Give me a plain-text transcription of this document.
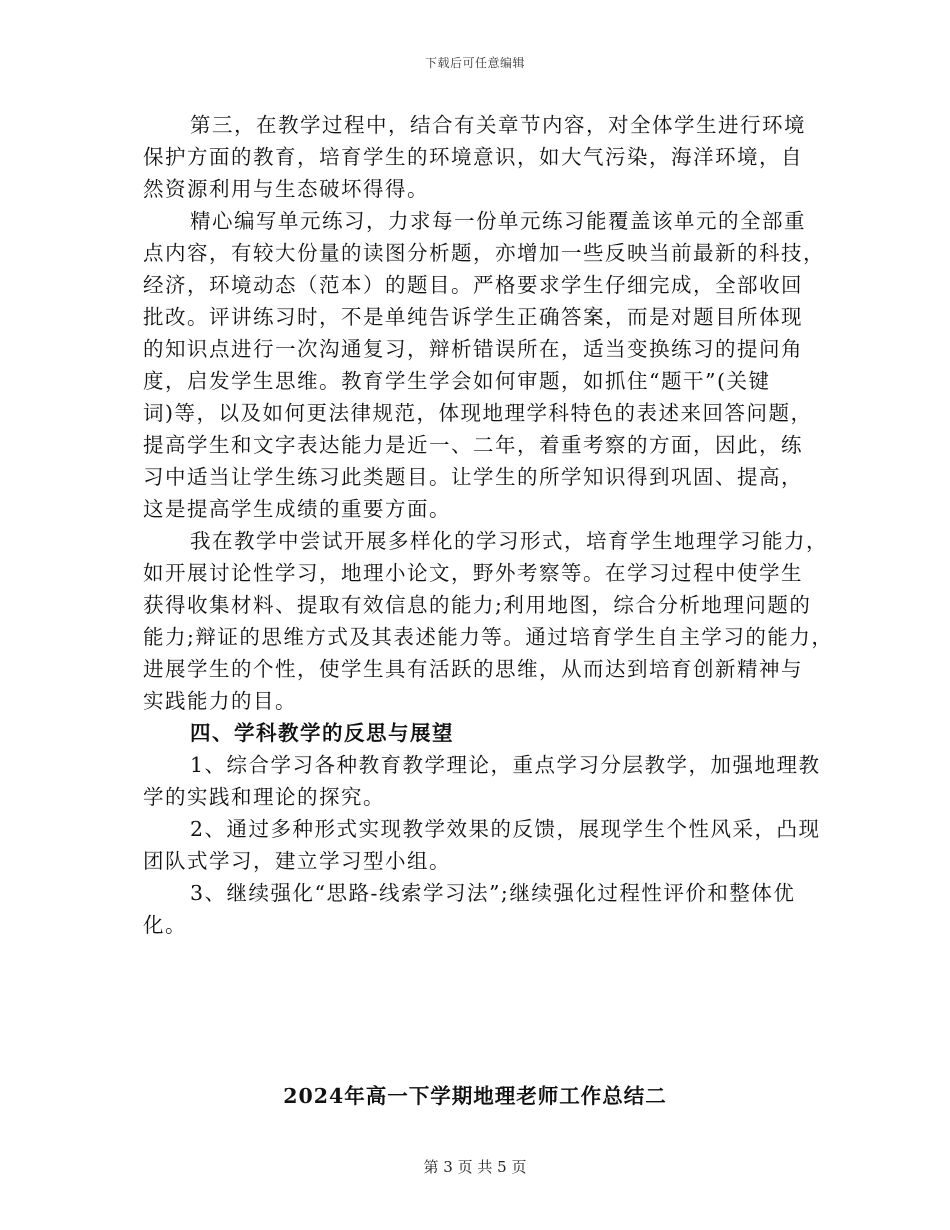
下载后可任意编辑
第三，在教学过程中，结合有关章节内容，对全体学生进行环境
保护方面的教育，培育学生的环境意识，如大气污染，海洋环境，自
然资源利用与生态破坏得得。
精心编写单元练习，力求每一份单元练习能覆盖该单元的全部重
点内容，有较大份量的读图分析题，亦增加一些反映当前最新的科技，
经济，环境动态（范本）的题目。严格要求学生仔细完成，全部收回
批改。评讲练习时，不是单纯告诉学生正确答案，而是对题目所体现
的知识点进行一次沟通复习，辩析错误所在，适当变换练习的提问角
度，启发学生思维。教育学生学会如何审题，如抓住“题干”(关键
词)等，以及如何更法律规范，体现地理学科特色的表述来回答问题，
提高学生和文字表达能力是近一、二年，着重考察的方面，因此，练
习中适当让学生练习此类题目。让学生的所学知识得到巩固、提高，
这是提高学生成绩的重要方面。
我在教学中尝试开展多样化的学习形式，培育学生地理学习能力，
如开展讨论性学习，地理小论文，野外考察等。在学习过程中使学生
获得收集材料、提取有效信息的能力;利用地图，综合分析地理问题的
能力;辩证的思维方式及其表述能力等。通过培育学生自主学习的能力，
进展学生的个性，使学生具有活跃的思维，从而达到培育创新精神与
实践能力的目。
四、学科教学的反思与展望
1、综合学习各种教育教学理论，重点学习分层教学，加强地理教
学的实践和理论的探究。
2、通过多种形式实现教学效果的反馈，展现学生个性风采，凸现
团队式学习，建立学习型小组。
3、继续强化“思路-线索学习法”;继续强化过程性评价和整体优
化。
2024年高一下学期地理老师工作总结二
第 3 页 共 5 页
